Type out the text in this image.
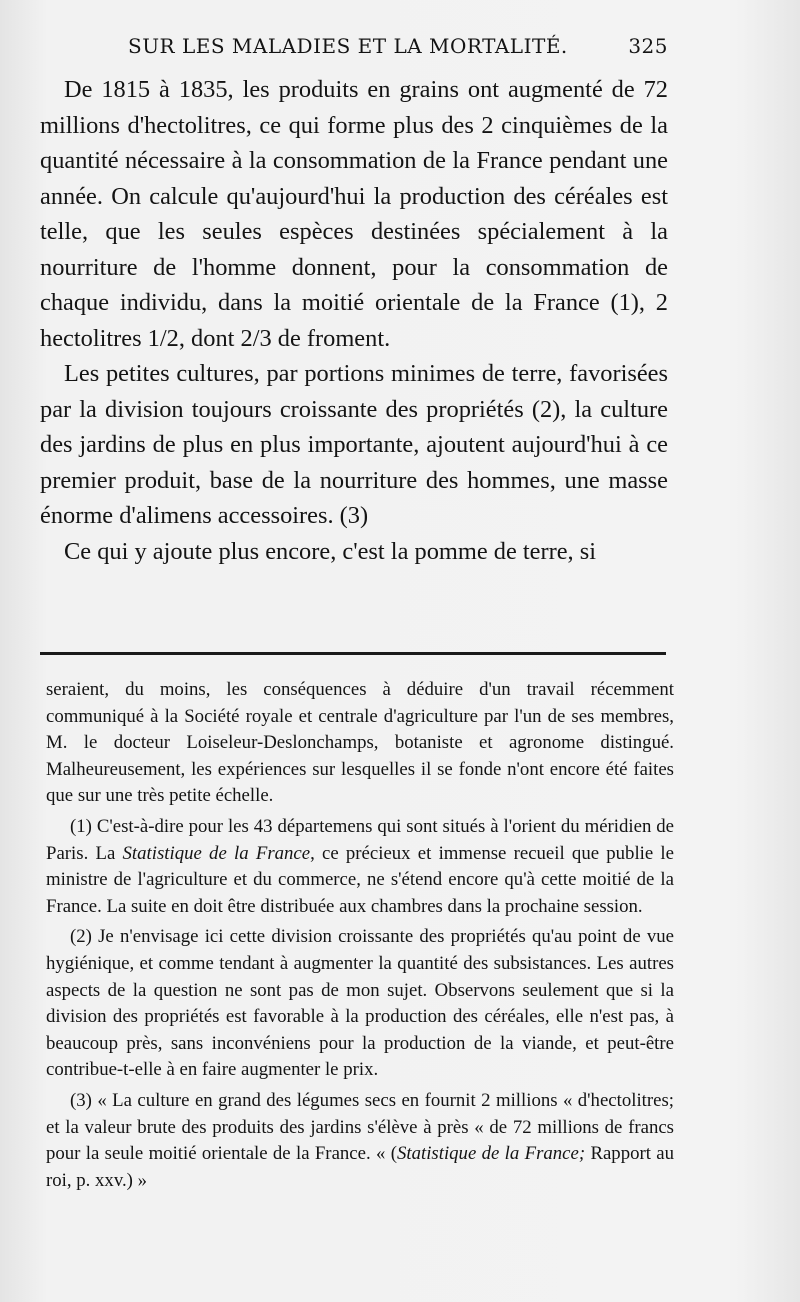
SUR LES MALADIES ET LA MORTALITÉ.	325

De 1815 à 1835, les produits en grains ont augmenté de 72 millions d'hectolitres, ce qui forme plus des 2 cinquièmes de la quantité nécessaire à la consommation de la France pendant une année. On calcule qu'aujourd'hui la production des céréales est telle, que les seules espèces destinées spécialement à la nourriture de l'homme donnent, pour la consommation de chaque individu, dans la moitié orientale de la France (1), 2 hectolitres 1/2, dont 2/3 de froment.

Les petites cultures, par portions minimes de terre, favorisées par la division toujours croissante des propriétés (2), la culture des jardins de plus en plus importante, ajoutent aujourd'hui à ce premier produit, base de la nourriture des hommes, une masse énorme d'alimens accessoires. (3)

Ce qui y ajoute plus encore, c'est la pomme de terre, si

seraient, du moins, les conséquences à déduire d'un travail récemment communiqué à la Société royale et centrale d'agriculture par l'un de ses membres, M. le docteur Loiseleur-Deslonchamps, botaniste et agronome distingué. Malheureusement, les expériences sur lesquelles il se fonde n'ont encore été faites que sur une très petite échelle.

(1) C'est-à-dire pour les 43 départemens qui sont situés à l'orient du méridien de Paris. La Statistique de la France, ce précieux et immense recueil que publie le ministre de l'agriculture et du commerce, ne s'étend encore qu'à cette moitié de la France. La suite en doit être distribuée aux chambres dans la prochaine session.

(2) Je n'envisage ici cette division croissante des propriétés qu'au point de vue hygiénique, et comme tendant à augmenter la quantité des subsistances. Les autres aspects de la question ne sont pas de mon sujet. Observons seulement que si la division des propriétés est favorable à la production des céréales, elle n'est pas, à beaucoup près, sans inconvéniens pour la production de la viande, et peut-être contribue-t-elle à en faire augmenter le prix.

(3) « La culture en grand des légumes secs en fournit 2 millions « d'hectolitres; et la valeur brute des produits des jardins s'élève à près « de 72 millions de francs pour la seule moitié orientale de la France. « (Statistique de la France; Rapport au roi, p. xxv.) »
